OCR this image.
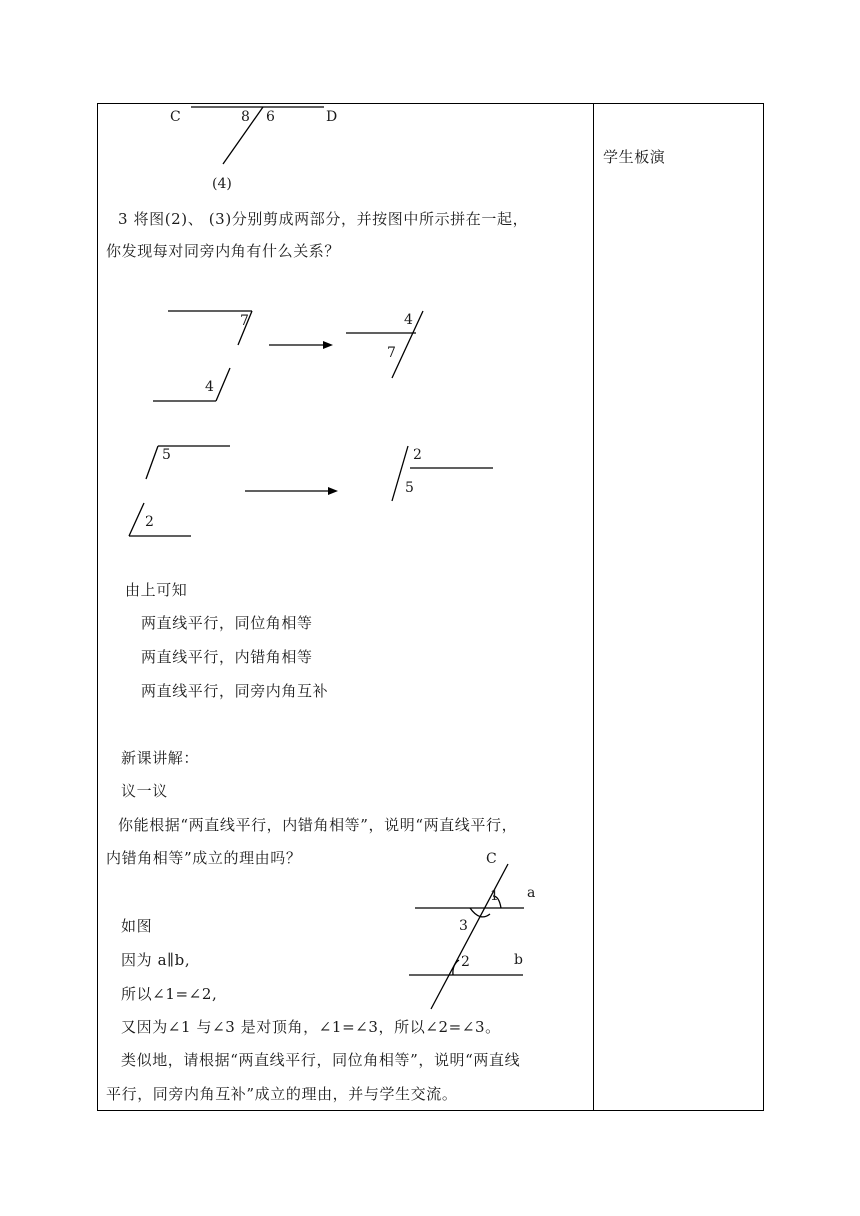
C	8 6	D
(4)
3 将图(2)、 (3)分别剪成两部分，并按图中所示拼在一起，
你发现每对同旁内角有什么关系？
7
4
4
7
5
2
2
5
由上可知
两直线平行，同位角相等
两直线平行，内错角相等
两直线平行，同旁内角互补
新课讲解：
议一议
你能根据“两直线平行，内错角相等”，说明“两直线平行，
内错角相等”成立的理由吗？
如图
因为 a∥b,
所以∠1=∠2,
又因为∠1 与∠3 是对顶角，∠1=∠3，所以∠2=∠3。
类似地，请根据“两直线平行，同位角相等”，说明“两直线
平行，同旁内角互补”成立的理由，并与学生交流。
C
1 a
3
2	b
学生板演
